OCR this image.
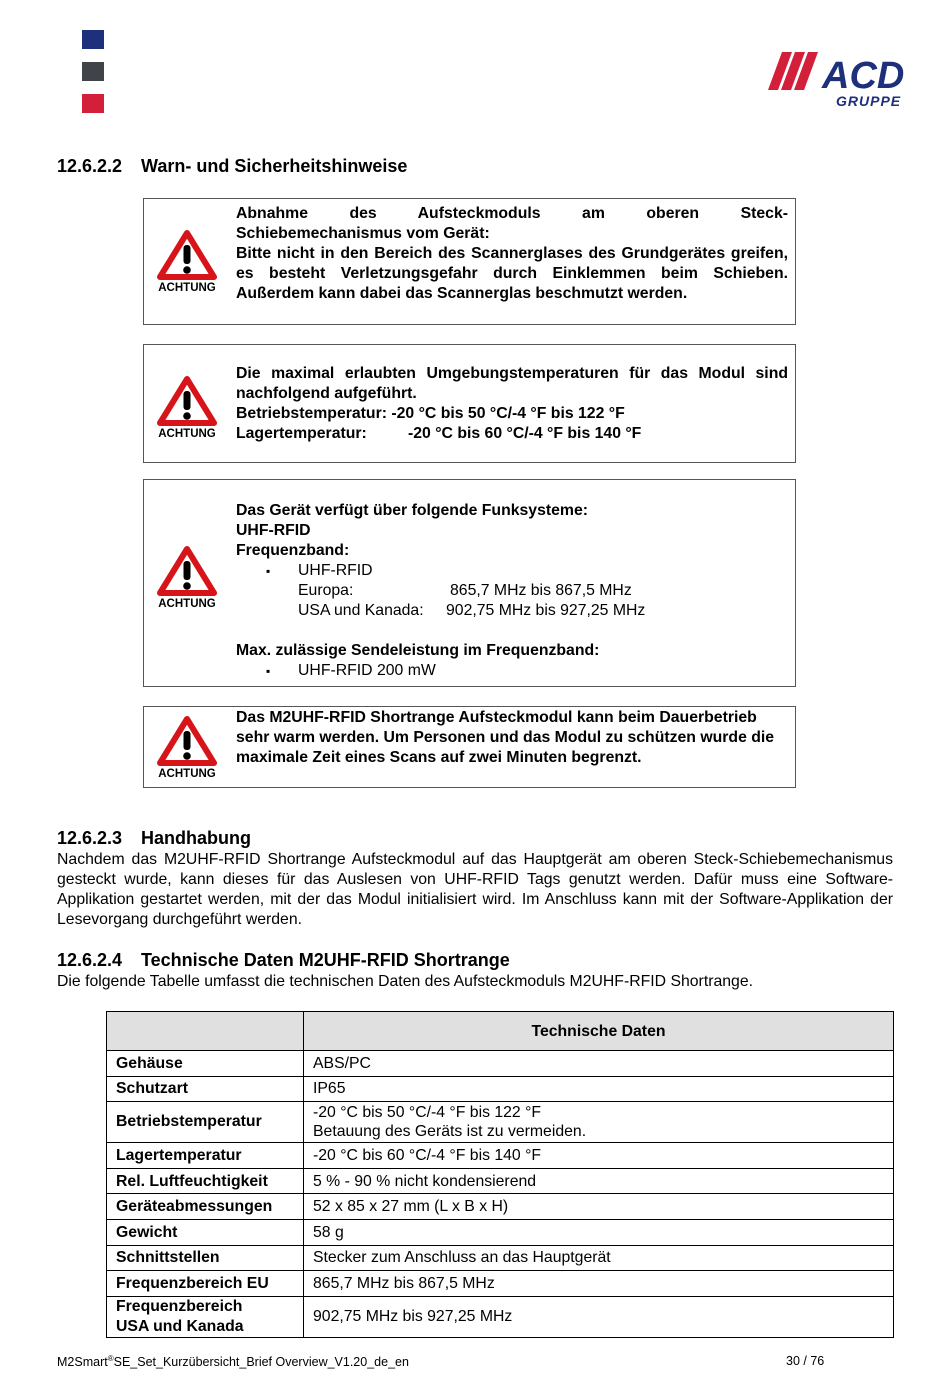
ACD
GRUPPE
12.6.2.2 Warn- und Sicherheitshinweise
ACHTUNG
Abnahme des Aufsteckmoduls am oberen Steck-
Schiebemechanismus vom Gerät:
Bitte nicht in den Bereich des Scannerglases des Grundgerätes greifen, es besteht Verletzungsgefahr durch Einklemmen beim Schieben. Außerdem kann dabei das Scannerglas beschmutzt werden.
ACHTUNG
Die maximal erlaubten Umgebungstemperaturen für das Modul sind nachfolgend aufgeführt.
Betriebstemperatur: -20 °C bis 50 °C/-4 °F bis 122 °F
Lagertemperatur:	-20 °C bis 60 °C/-4 °F bis 140 °F
ACHTUNG
Das Gerät verfügt über folgende Funksysteme:
UHF-RFID
Frequenzband:
▪ UHF-RFID
Europa:	865,7 MHz bis 867,5 MHz
USA und Kanada: 902,75 MHz bis 927,25 MHz
Max. zulässige Sendeleistung im Frequenzband:
▪ UHF-RFID 200 mW
ACHTUNG
Das M2UHF-RFID Shortrange Aufsteckmodul kann beim Dauerbetrieb sehr warm werden. Um Personen und das Modul zu schützen wurde die maximale Zeit eines Scans auf zwei Minuten begrenzt.
12.6.2.3 Handhabung
Nachdem das M2UHF-RFID Shortrange Aufsteckmodul auf das Hauptgerät am oberen Steck-Schiebemechanismus gesteckt wurde, kann dieses für das Auslesen von UHF-RFID Tags genutzt werden. Dafür muss eine Software-Applikation gestartet werden, mit der das Modul initialisiert wird. Im Anschluss kann mit der Software-Applikation der Lesevorgang durchgeführt werden.
12.6.2.4 Technische Daten M2UHF-RFID Shortrange
Die folgende Tabelle umfasst die technischen Daten des Aufsteckmoduls M2UHF-RFID Shortrange.
	Technische Daten
Gehäuse	ABS/PC
Schutzart	IP65
Betriebstemperatur	-20 °C bis 50 °C/-4 °F bis 122 °F
Betauung des Geräts ist zu vermeiden.

Lagertemperatur	-20 °C bis 60 °C/-4 °F bis 140 °F
Rel. Luftfeuchtigkeit	5 % - 90 % nicht kondensierend
Geräteabmessungen	52 x 85 x 27 mm (L x B x H)
Gewicht	58 g
Schnittstellen	Stecker zum Anschluss an das Hauptgerät
Frequenzbereich EU	865,7 MHz bis 867,5 MHz

Frequenzbereich
USA und Kanada	902,75 MHz bis 927,25 MHz
M2Smart®SE_Set_Kurzübersicht_Brief Overview_V1.20_de_en	30 / 76
